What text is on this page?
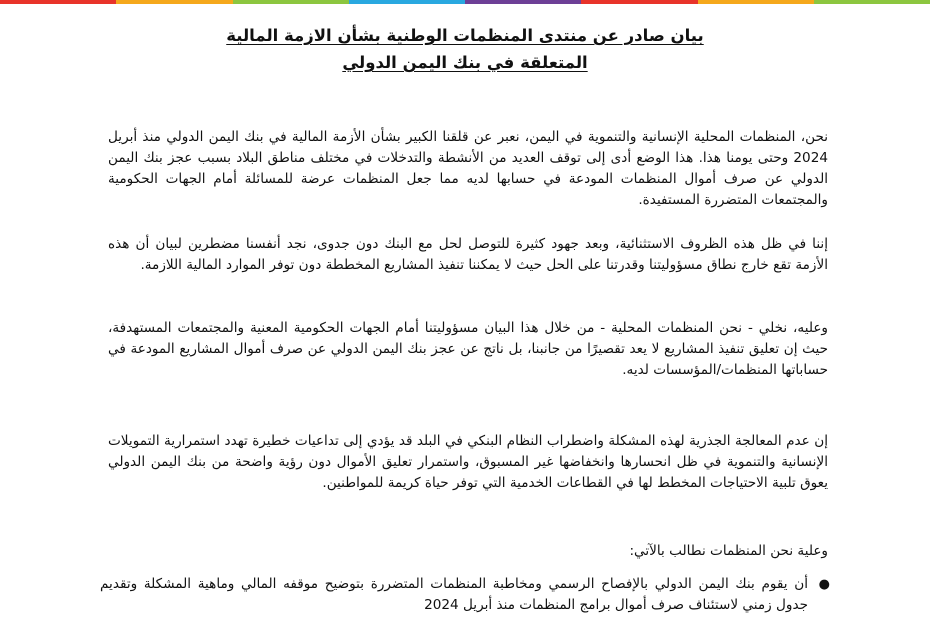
بيان صادر عن منتدى المنظمات الوطنية بشأن الازمة المالية
المتعلقة في بنك اليمن الدولي

نحن، المنظمات المحلية الإنسانية والتنموية في اليمن، نعبر عن قلقنا الكبير بشأن الأزمة المالية في بنك اليمن الدولي منذ أبريل 2024 وحتى يومنا هذا. هذا الوضع أدى إلى توقف العديد من الأنشطة والتدخلات في مختلف مناطق البلاد بسبب عجز بنك اليمن الدولي عن صرف أموال المنظمات المودعة في حسابها لديه مما جعل المنظمات عرضة للمسائلة أمام الجهات الحكومية والمجتمعات المتضررة المستفيدة.

إننا في ظل هذه الظروف الاستثنائية، وبعد جهود كثيرة للتوصل لحل مع البنك دون جدوى، نجد أنفسنا مضطرين لبيان أن هذه الأزمة تقع خارج نطاق مسؤوليتنا وقدرتنا على الحل حيث لا يمكننا تنفيذ المشاريع المخططة دون توفر الموارد المالية اللازمة.

وعليه، نخلي - نحن المنظمات المحلية - من خلال هذا البيان مسؤوليتنا أمام الجهات الحكومية المعنية والمجتمعات المستهدفة، حيث إن تعليق تنفيذ المشاريع لا يعد تقصيرًا من جانبنا، بل ناتج عن عجز بنك اليمن الدولي عن صرف أموال المشاريع المودعة في حساباتها المنظمات/المؤسسات لديه.

إن عدم المعالجة الجذرية لهذه المشكلة واضطراب النظام البنكي في البلد قد يؤدي إلى تداعيات خطيرة تهدد استمرارية التمويلات الإنسانية والتنموية في ظل انحسارها وانخفاضها غير المسبوق، واستمرار تعليق الأموال دون رؤية واضحة من بنك اليمن الدولي يعوق تلبية الاحتياجات المخطط لها في القطاعات الخدمية التي توفر حياة كريمة للمواطنين.

وعلية نحن المنظمات نطالب بالآتي:

●
أن يقوم بنك اليمن الدولي بالإفصاح الرسمي ومخاطبة المنظمات المتضررة بتوضيح موقفه المالي وماهية المشكلة وتقديم جدول زمني لاستئناف صرف أموال برامج المنظمات منذ أبريل 2024
